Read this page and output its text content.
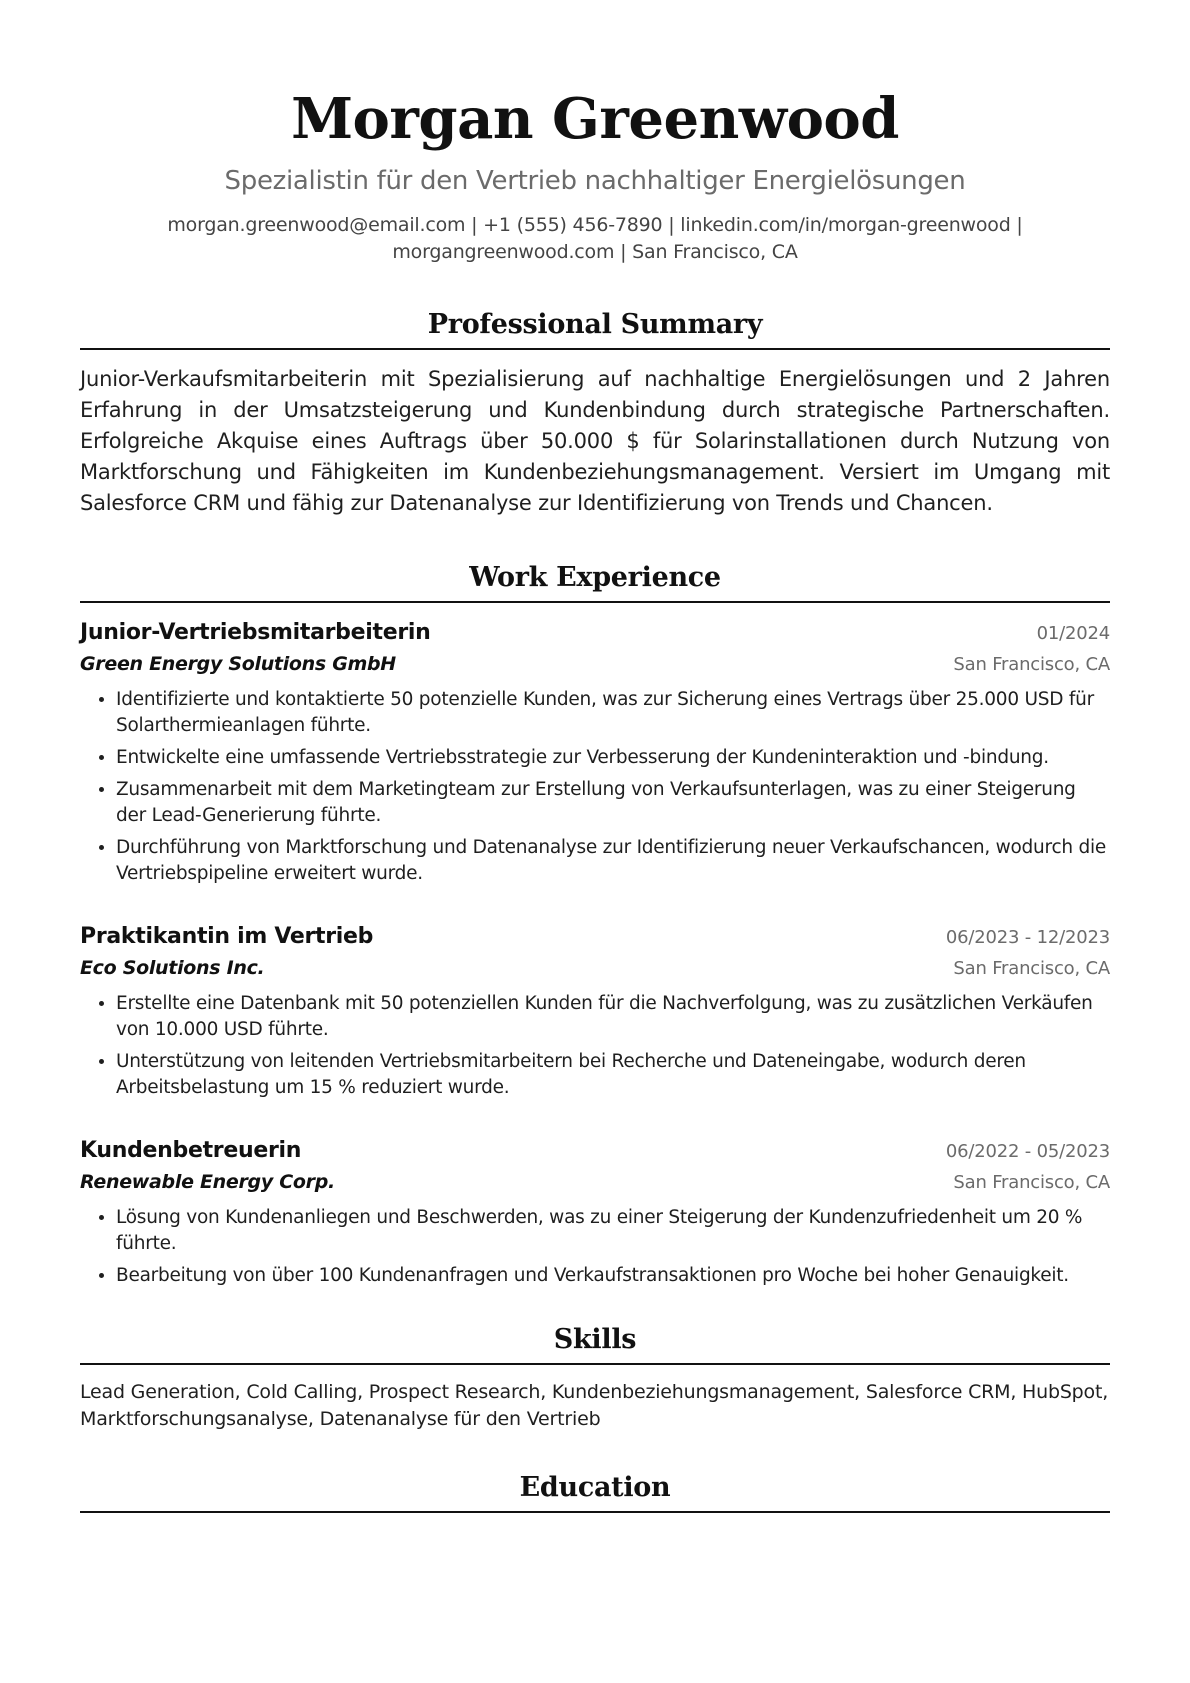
Morgan Greenwood
Spezialistin für den Vertrieb nachhaltiger Energielösungen
morgan.greenwood@email.com | +1 (555) 456-7890 | linkedin.com/in/morgan-greenwood |
morgangreenwood.com | San Francisco, CA
Professional Summary
Junior-Verkaufsmitarbeiterin mit Spezialisierung auf nachhaltige Energielösungen und 2 Jahren Erfahrung in der Umsatzsteigerung und Kundenbindung durch strategische Partnerschaften. Erfolgreiche Akquise eines Auftrags über 50.000 $ für Solarinstallationen durch Nutzung von Marktforschung und Fähigkeiten im Kundenbeziehungsmanagement. Versiert im Umgang mit Salesforce CRM und fähig zur Datenanalyse zur Identifizierung von Trends und Chancen.
Work Experience
Junior-Vertriebsmitarbeiterin	01/2024
Green Energy Solutions GmbH	San Francisco, CA
• Identifizierte und kontaktierte 50 potenzielle Kunden, was zur Sicherung eines Vertrags über 25.000 USD für Solarthermieanlagen führte.
• Entwickelte eine umfassende Vertriebsstrategie zur Verbesserung der Kundeninteraktion und -bindung.
• Zusammenarbeit mit dem Marketingteam zur Erstellung von Verkaufsunterlagen, was zu einer Steigerung der Lead-Generierung führte.
• Durchführung von Marktforschung und Datenanalyse zur Identifizierung neuer Verkaufschancen, wodurch die Vertriebspipeline erweitert wurde.
Praktikantin im Vertrieb	06/2023 - 12/2023
Eco Solutions Inc.	San Francisco, CA
• Erstellte eine Datenbank mit 50 potenziellen Kunden für die Nachverfolgung, was zu zusätzlichen Verkäufen von 10.000 USD führte.
• Unterstützung von leitenden Vertriebsmitarbeitern bei Recherche und Dateneingabe, wodurch deren Arbeitsbelastung um 15 % reduziert wurde.
Kundenbetreuerin	06/2022 - 05/2023
Renewable Energy Corp.	San Francisco, CA
• Lösung von Kundenanliegen und Beschwerden, was zu einer Steigerung der Kundenzufriedenheit um 20 % führte.
• Bearbeitung von über 100 Kundenanfragen und Verkaufstransaktionen pro Woche bei hoher Genauigkeit.
Skills
Lead Generation, Cold Calling, Prospect Research, Kundenbeziehungsmanagement, Salesforce CRM, HubSpot, Marktforschungsanalyse, Datenanalyse für den Vertrieb
Education
